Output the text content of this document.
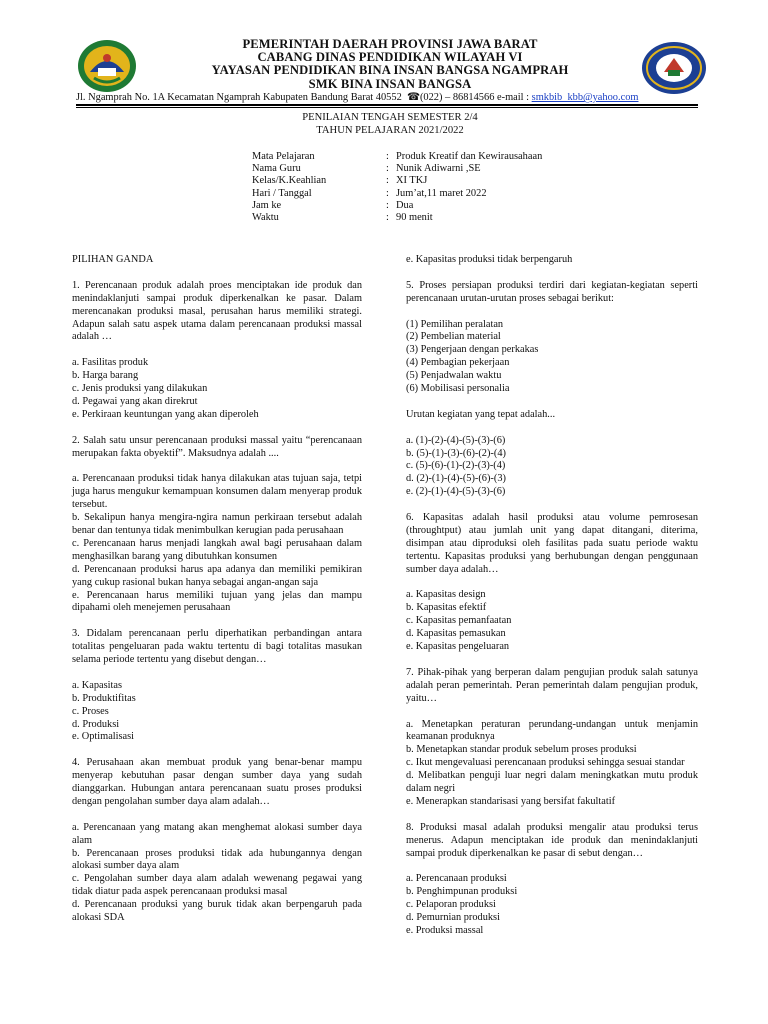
PEMERINTAH DAERAH PROVINSI JAWA BARAT
CABANG DINAS PENDIDIKAN WILAYAH VI
YAYASAN PENDIDIKAN BINA INSAN BANGSA NGAMPRAH
SMK BINA INSAN BANGSA
Jl. Ngamprah No. 1A Kecamatan Ngamprah Kabupaten Bandung Barat 40552  ☎(022) – 86814566 e-mail : smkbib_kbb@yahoo.com
PENILAIAN TENGAH SEMESTER 2/4
TAHUN PELAJARAN 2021/2022
Mata Pelajaran	: Produk Kreatif dan Kewirausahaan
Nama Guru	: Nunik Adiwarni ,SE
Kelas/K.Keahlian	: XI TKJ
Hari / Tanggal	: Jum’at,11 maret 2022
Jam ke	: Dua
Waktu	: 90 menit

PILIHAN GANDA

1. Perencanaan produk adalah proes menciptakan ide produk dan menindaklanjuti sampai produk diperkenalkan ke pasar. Dalam merencanakan produksi masal, perusahan harus memiliki strategi. Adapun salah satu aspek utama dalam perencanaan produksi massal adalah …

a. Fasilitas produk

b. Harga barang

c. Jenis produksi yang dilakukan

d. Pegawai yang akan direkrut

e. Perkiraan keuntungan yang akan diperoleh

2. Salah satu unsur perencanaan produksi massal yaitu “perencanaan merupakan fakta obyektif”. Maksudnya adalah ....

a. Perencanaan produksi tidak hanya dilakukan atas tujuan saja, tetpi juga harus mengukur kemampuan konsumen dalam menyerap produk tersebut.

b. Sekalipun hanya mengira-ngira namun perkiraan tersebut adalah benar dan tentunya tidak menimbulkan kerugian pada perusahaan

c. Perencanaan harus menjadi langkah awal bagi perusahaan dalam menghasilkan barang yang dibutuhkan konsumen

d. Perencanaan produksi harus apa adanya dan memiliki pemikiran yang cukup rasional bukan hanya sebagai angan-angan saja

e. Perencanaan harus memiliki tujuan yang jelas dan mampu dipahami oleh menejemen perusahaan

3. Didalam perencanaan perlu diperhatikan perbandingan antara totalitas pengeluaran pada waktu tertentu di bagi totalitas masukan selama periode tertentu yang disebut dengan…

a. Kapasitas

b. Produktifitas

c. Proses

d. Produksi

e. Optimalisasi

4. Perusahaan akan membuat produk yang benar-benar mampu menyerap kebutuhan pasar dengan sumber daya yang sudah dianggarkan. Hubungan antara perencanaan suatu proses produksi dengan pengolahan sumber daya alam adalah…

a. Perencanaan yang matang akan menghemat alokasi sumber daya alam

b. Perencanaan proses produksi tidak ada hubungannya dengan alokasi sumber daya alam

c. Pengolahan sumber daya alam adalah wewenang pegawai yang tidak diatur pada aspek perencanaan produksi masal

d. Perencanaan produksi yang buruk tidak akan berpengaruh pada alokasi SDA

e. Kapasitas produksi tidak berpengaruh

5. Proses persiapan produksi terdiri dari kegiatan-kegiatan seperti perencanaan urutan-urutan proses sebagai berikut:

(1) Pemilihan peralatan

(2) Pembelian material

(3) Pengerjaan dengan perkakas

(4) Pembagian pekerjaan

(5) Penjadwalan waktu

(6) Mobilisasi personalia

Urutan kegiatan yang tepat adalah...

a. (1)-(2)-(4)-(5)-(3)-(6)

b. (5)-(1)-(3)-(6)-(2)-(4)

c. (5)-(6)-(1)-(2)-(3)-(4)

d. (2)-(1)-(4)-(5)-(6)-(3)

e. (2)-(1)-(4)-(5)-(3)-(6)

6. Kapasitas adalah hasil produksi atau volume pemrosesan (throughtput) atau jumlah unit yang dapat ditangani, diterima, disimpan atau diproduksi oleh fasilitas pada suatu periode waktu tertentu. Kapasitas produksi yang berhubungan dengan penggunaan sumber daya adalah…

a. Kapasitas design

b. Kapasitas efektif

c. Kapasitas pemanfaatan

d. Kapasitas pemasukan

e. Kapasitas pengeluaran

7. Pihak-pihak yang berperan dalam pengujian produk salah satunya adalah peran pemerintah. Peran pemerintah dalam pengujian produk, yaitu…

a. Menetapkan peraturan perundang-undangan untuk menjamin keamanan produknya

b. Menetapkan standar produk sebelum proses produksi

c. Ikut mengevaluasi perencanaan produksi sehingga sesuai standar

d. Melibatkan penguji luar negri dalam meningkatkan mutu produk dalam negri

e. Menerapkan standarisasi yang bersifat fakultatif

8. Produksi masal adalah produksi mengalir atau produksi terus menerus. Adapun menciptakan ide produk dan menindaklanjuti sampai produk diperkenalkan ke pasar di sebut dengan…

a. Perencanaan produksi

b. Penghimpunan produksi

c. Pelaporan produksi

d. Pemurnian produksi

e. Produksi massal
